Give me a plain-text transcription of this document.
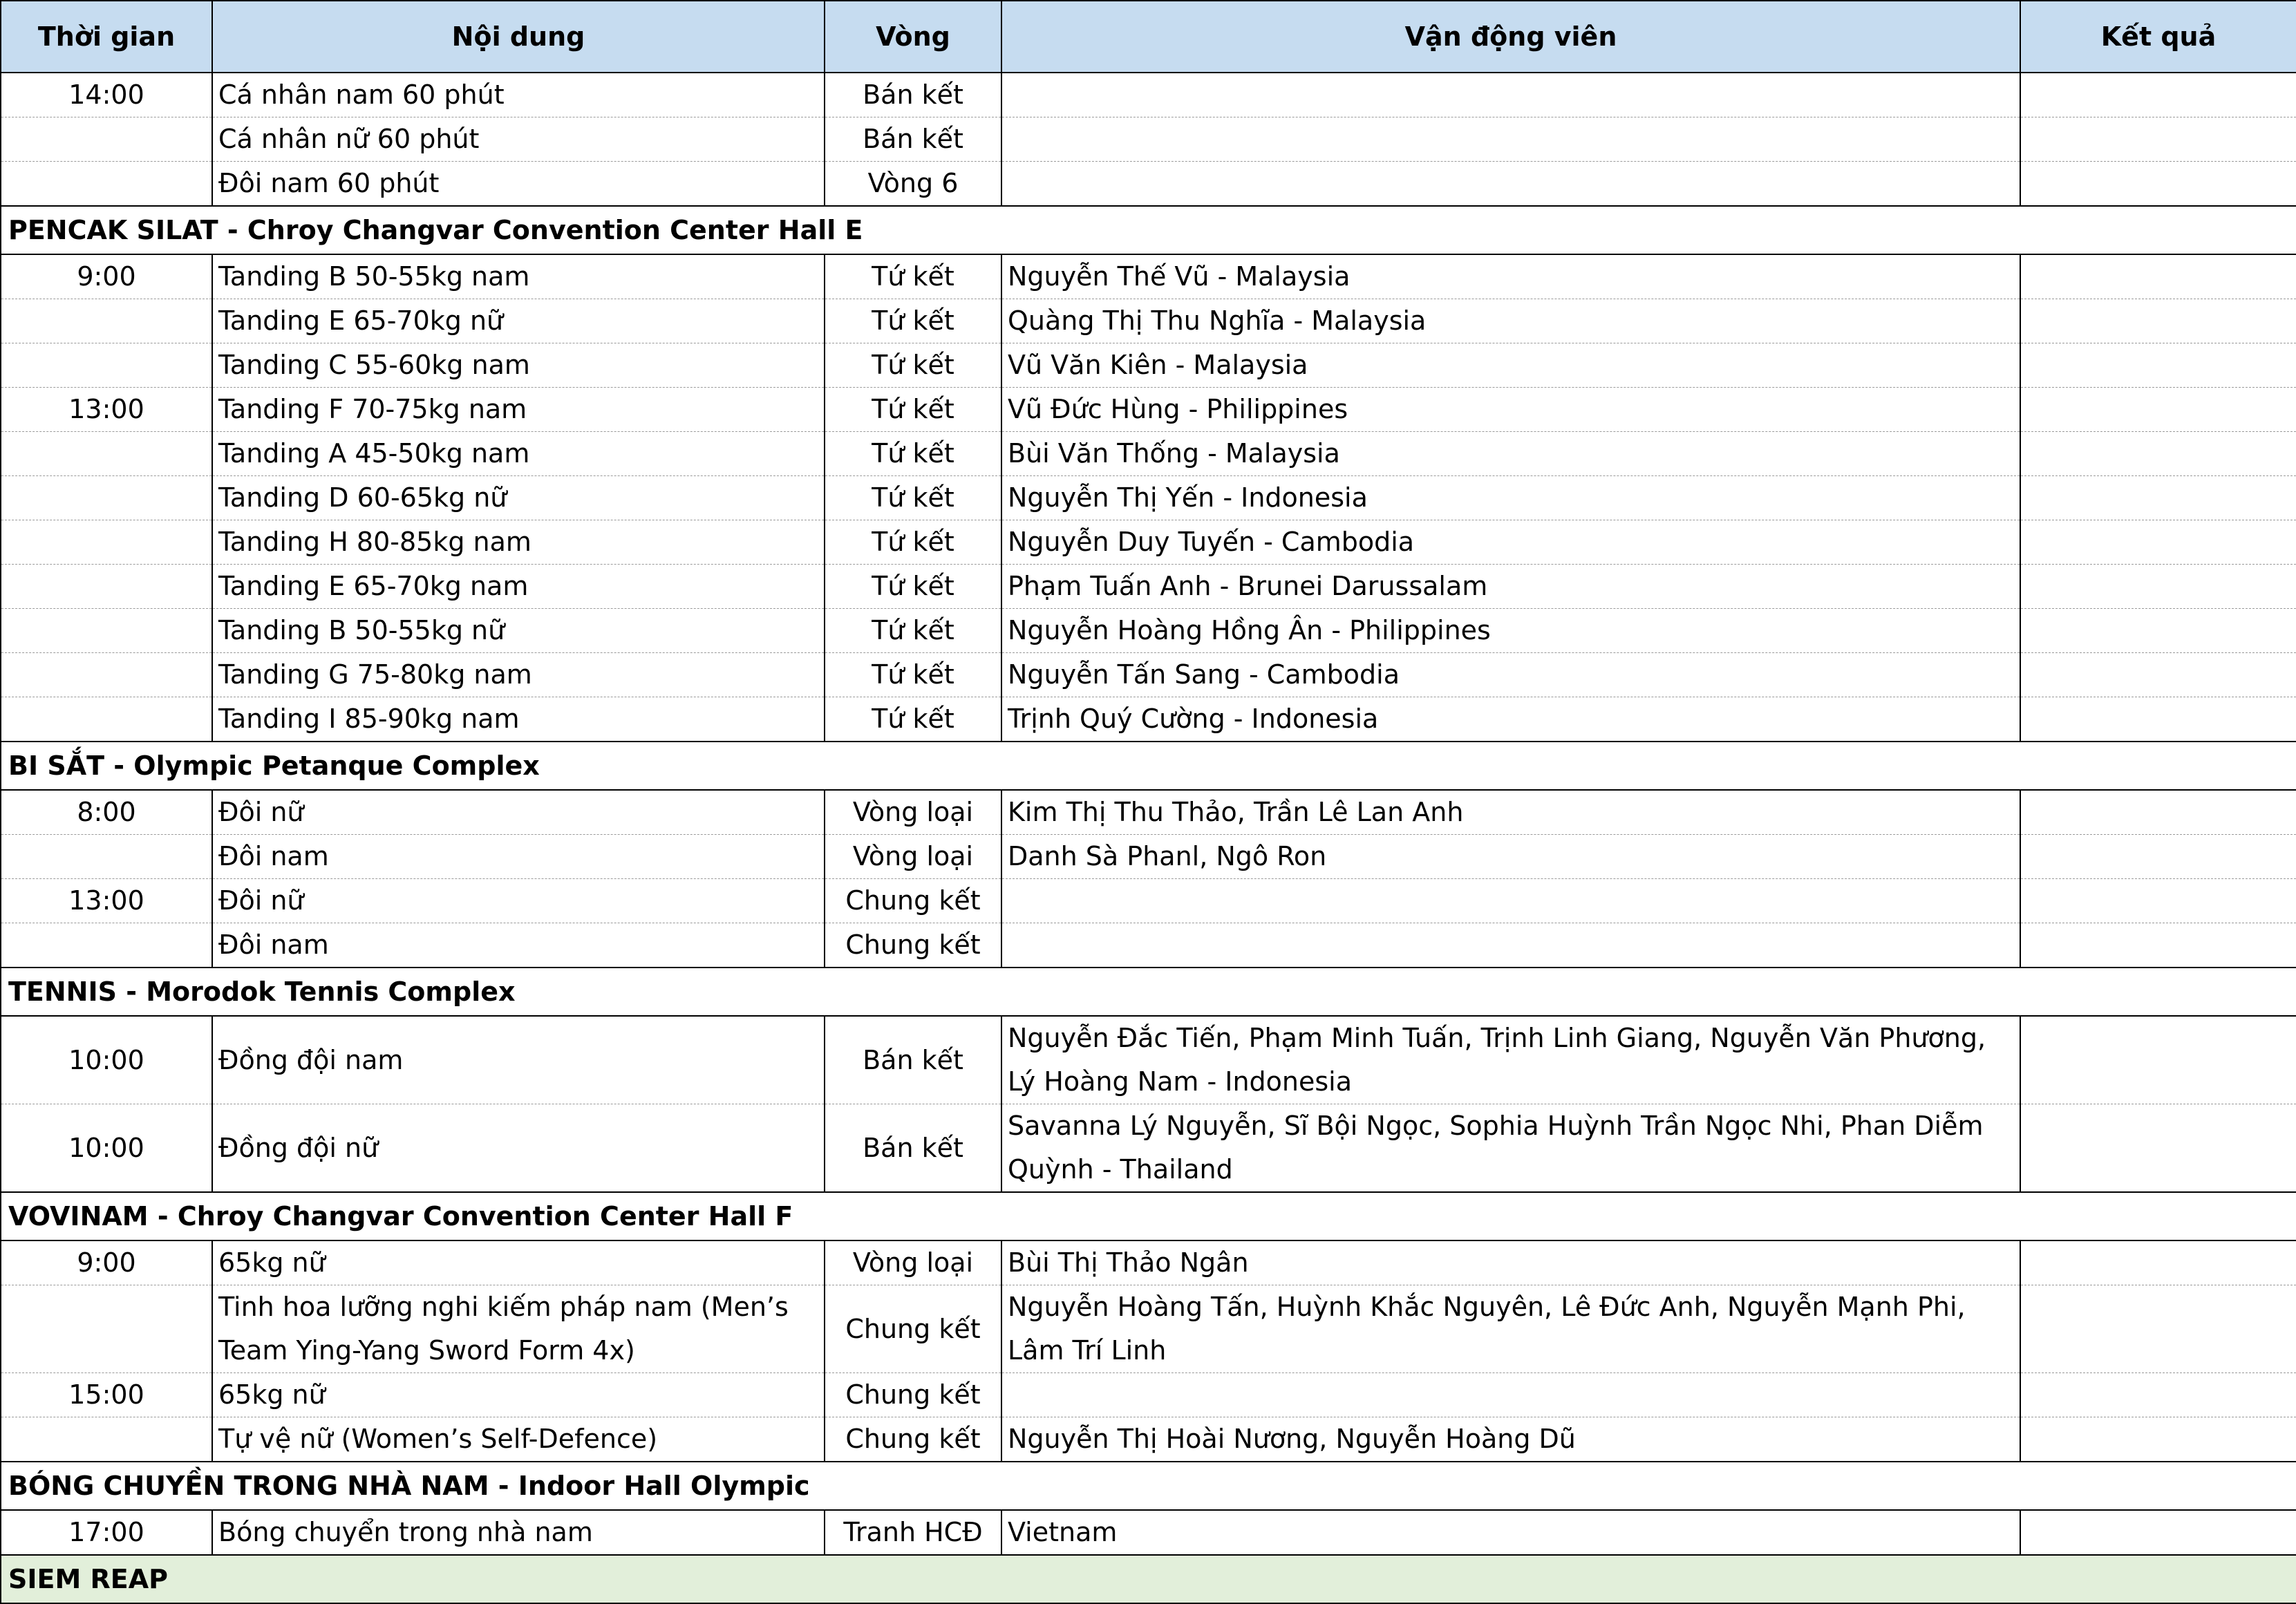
Thời gian	Nội dung	Vòng	Vận động viên	Kết quả
14:00	Cá nhân nam 60 phút	Bán kết		
	Cá nhân nữ 60 phút	Bán kết		
	Đôi nam 60 phút	Vòng 6		
PENCAK SILAT - Chroy Changvar Convention Center Hall E				
9:00	Tanding B 50-55kg nam	Tứ kết	Nguyễn Thế Vũ - Malaysia	
	Tanding E 65-70kg nữ	Tứ kết	Quàng Thị Thu Nghĩa - Malaysia	
	Tanding C 55-60kg nam	Tứ kết	Vũ Văn Kiên - Malaysia	
13:00	Tanding F 70-75kg nam	Tứ kết	Vũ Đức Hùng - Philippines	
	Tanding A 45-50kg nam	Tứ kết	Bùi Văn Thống - Malaysia	
	Tanding D 60-65kg nữ	Tứ kết	Nguyễn Thị Yến - Indonesia	
	Tanding H 80-85kg nam	Tứ kết	Nguyễn Duy Tuyến - Cambodia	
	Tanding E 65-70kg nam	Tứ kết	Phạm Tuấn Anh - Brunei Darussalam	
	Tanding B 50-55kg nữ	Tứ kết	Nguyễn Hoàng Hồng Ân - Philippines	
	Tanding G 75-80kg nam	Tứ kết	Nguyễn Tấn Sang - Cambodia	
	Tanding I 85-90kg nam	Tứ kết	Trịnh Quý Cường - Indonesia	
BI SẮT - Olympic Petanque Complex				
8:00	Đôi nữ	Vòng loại	Kim Thị Thu Thảo, Trần Lê Lan Anh	
	Đôi nam	Vòng loại	Danh Sà Phanl, Ngô Ron	
13:00	Đôi nữ	Chung kết		
	Đôi nam	Chung kết		
TENNIS - Morodok Tennis Complex				
10:00	Đồng đội nam	Bán kết	Nguyễn Đắc Tiến, Phạm Minh Tuấn, Trịnh Linh Giang, Nguyễn Văn Phương, Lý Hoàng Nam - Indonesia	
10:00	Đồng đội nữ	Bán kết	Savanna Lý Nguyễn, Sĩ Bội Ngọc, Sophia Huỳnh Trần Ngọc Nhi, Phan Diễm Quỳnh - Thailand	
VOVINAM - Chroy Changvar Convention Center Hall F				
9:00	65kg nữ	Vòng loại	Bùi Thị Thảo Ngân	
	Tinh hoa lưỡng nghi kiếm pháp nam (Men’s Team Ying-Yang Sword Form 4x)	Chung kết	Nguyễn Hoàng Tấn, Huỳnh Khắc Nguyên, Lê Đức Anh, Nguyễn Mạnh Phi, Lâm Trí Linh	
15:00	65kg nữ	Chung kết		
	Tự vệ nữ (Women’s Self-Defence)	Chung kết	Nguyễn Thị Hoài Nương, Nguyễn Hoàng Dũ	
BÓNG CHUYỀN TRONG NHÀ NAM - Indoor Hall Olympic				
17:00	Bóng chuyển trong nhà nam	Tranh HCĐ	Vietnam	
SIEM REAP				
